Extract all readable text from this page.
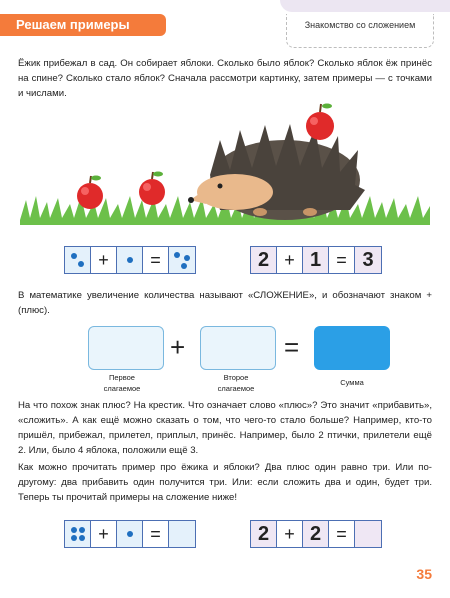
Решаем примеры	Знакомство со сложением

Ёжик прибежал в сад. Он собирает яблоки. Сколько было яблок? Сколько яблок ёж принёс на спине? Сколько стало яблок? Сначала рассмотри картинку, затем примеры — с точками и числами.

+ =	2 + 1 = 3

В математике увеличение количества называют «СЛОЖЕНИЕ», и обозначают знаком + (плюс).

+	=
Первое слагаемое
Второе слагаемое
Сумма

На что похож знак плюс? На крестик. Что означает слово «плюс»? Это значит «прибавить», «сложить». А как ещё можно сказать о том, что чего-то стало больше? Например, кто-то пришёл, прибежал, прилетел, приплыл, принёс. Например, было 2 птички, прилетели ещё 2. Или, было 4 яблока, положили ещё 3.

Как можно прочитать пример про ёжика и яблоки? Два плюс один равно три. Или по-другому: два прибавить один получится три. Или: если сложить два и один, будет три. Теперь ты прочитай примеры на сложение ниже!

+ =	2 + 2 =
35
